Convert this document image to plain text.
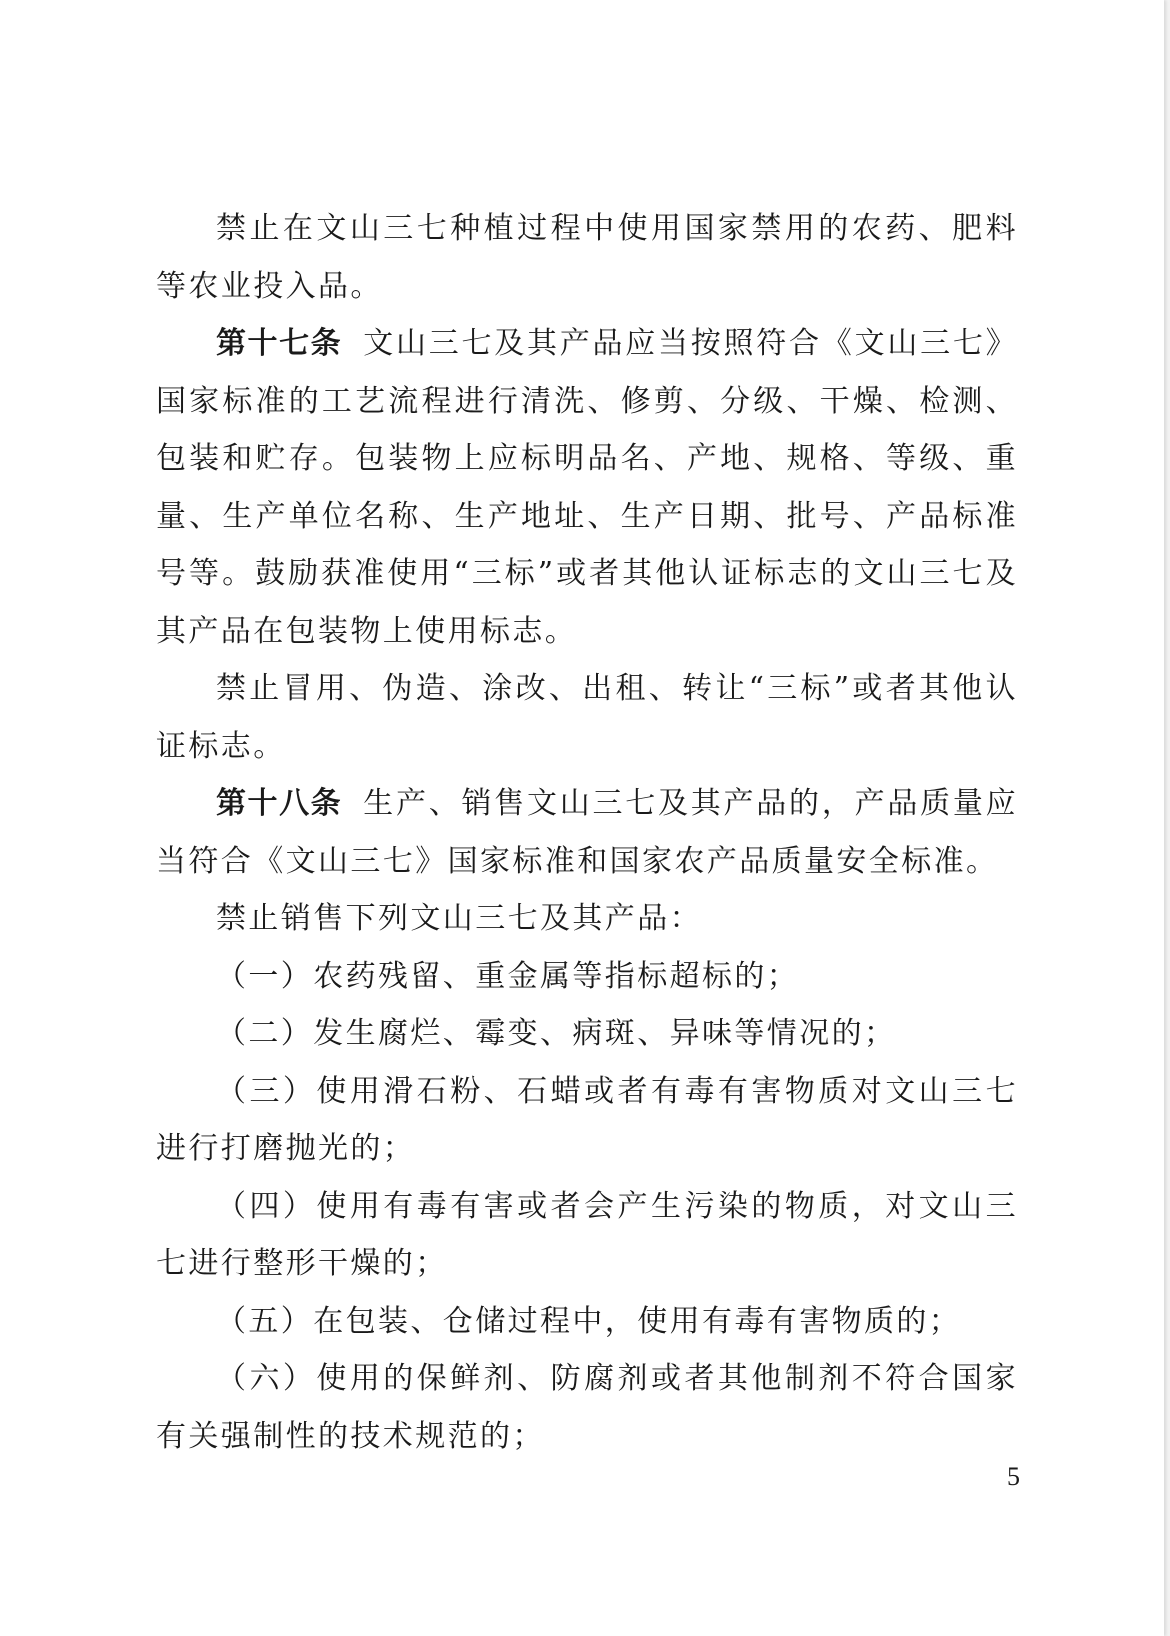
禁止在文山三七种植过程中使用国家禁用的农药、肥料等农业投入品。

第十七条 文山三七及其产品应当按照符合《文山三七》国家标准的工艺流程进行清洗、修剪、分级、干燥、检测、包装和贮存。包装物上应标明品名、产地、规格、等级、重量、生产单位名称、生产地址、生产日期、批号、产品标准号等。鼓励获准使用“三标”或者其他认证标志的文山三七及其产品在包装物上使用标志。

禁止冒用、伪造、涂改、出租、转让“三标”或者其他认证标志。

第十八条 生产、销售文山三七及其产品的，产品质量应当符合《文山三七》国家标准和国家农产品质量安全标准。

禁止销售下列文山三七及其产品：

（一）农药残留、重金属等指标超标的；

（二）发生腐烂、霉变、病斑、异味等情况的；

（三）使用滑石粉、石蜡或者有毒有害物质对文山三七进行打磨抛光的；

（四）使用有毒有害或者会产生污染的物质，对文山三七进行整形干燥的；

（五）在包装、仓储过程中，使用有毒有害物质的；

（六）使用的保鲜剂、防腐剂或者其他制剂不符合国家有关强制性的技术规范的；

5
